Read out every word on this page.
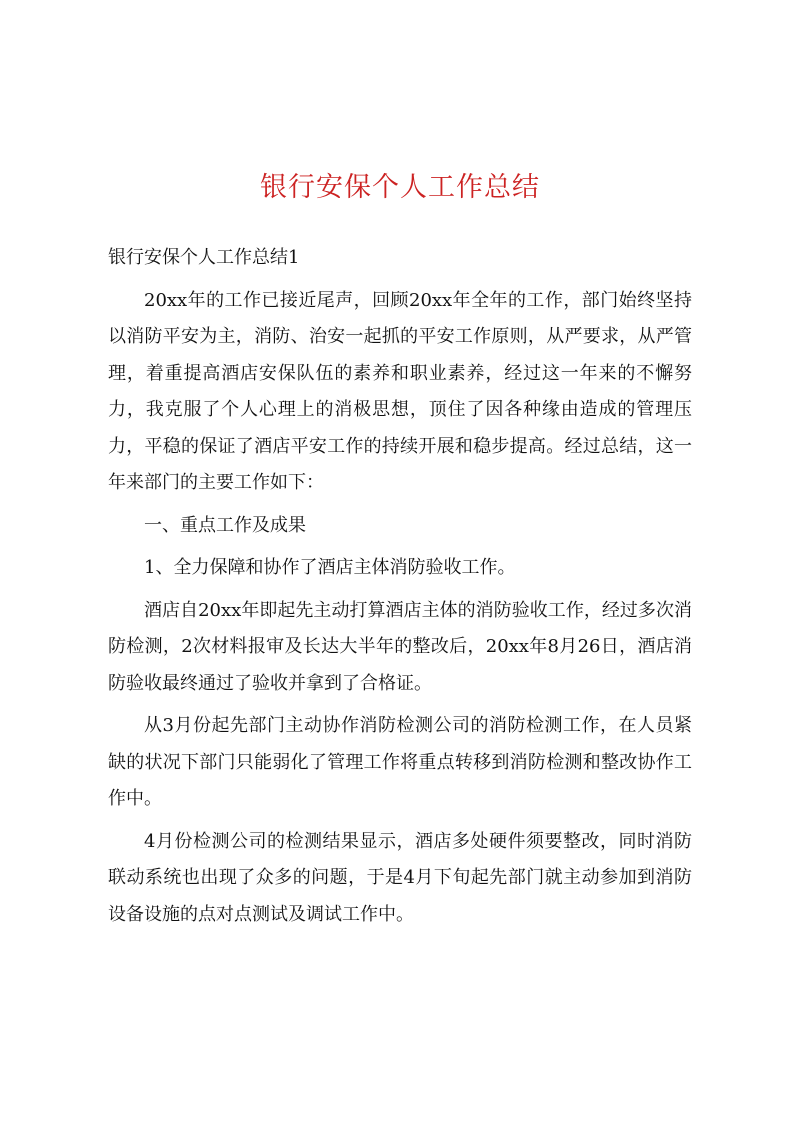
银行安保个人工作总结

银行安保个人工作总结1

20xx年的工作已接近尾声，回顾20xx年全年的工作，部门始终坚持以消防平安为主，消防、治安一起抓的平安工作原则，从严要求，从严管理，着重提高酒店安保队伍的素养和职业素养，经过这一年来的不懈努力，我克服了个人心理上的消极思想，顶住了因各种缘由造成的管理压力，平稳的保证了酒店平安工作的持续开展和稳步提高。经过总结，这一年来部门的主要工作如下：

一、重点工作及成果

1、全力保障和协作了酒店主体消防验收工作。

酒店自20xx年即起先主动打算酒店主体的消防验收工作，经过多次消防检测，2次材料报审及长达大半年的整改后，20xx年8月26日，酒店消防验收最终通过了验收并拿到了合格证。

从3月份起先部门主动协作消防检测公司的消防检测工作，在人员紧缺的状况下部门只能弱化了管理工作将重点转移到消防检测和整改协作工作中。

4月份检测公司的检测结果显示，酒店多处硬件须要整改，同时消防联动系统也出现了众多的问题，于是4月下旬起先部门就主动参加到消防设备设施的点对点测试及调试工作中。
